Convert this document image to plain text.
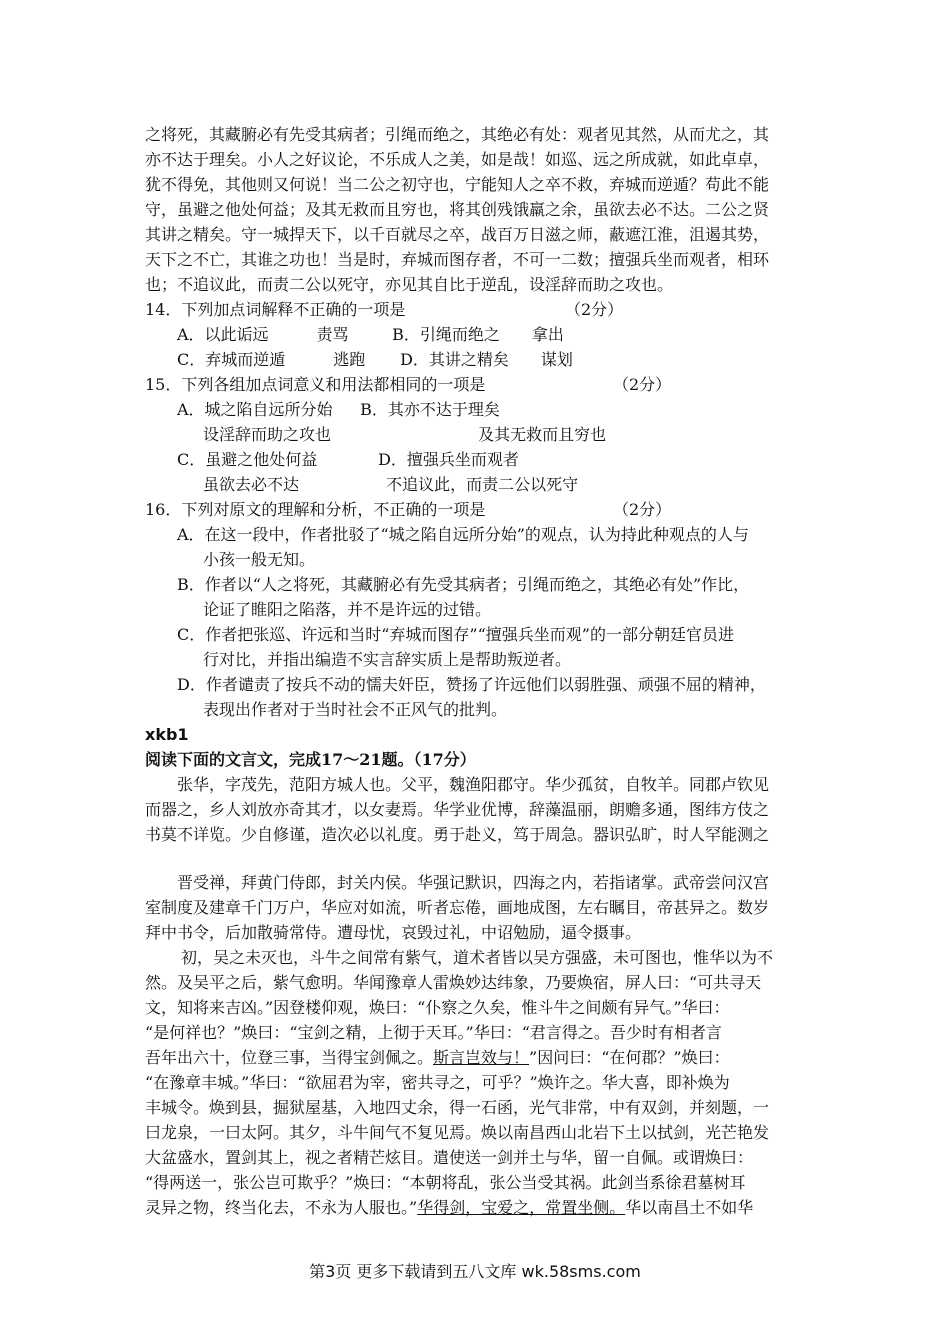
之将死，其藏腑必有先受其病者；引绳而绝之，其绝必有处：观者见其然，从而尤之，其
亦不达于理矣。小人之好议论，不乐成人之美，如是哉！如巡、远之所成就，如此卓卓，
犹不得免，其他则又何说！当二公之初守也，宁能知人之卒不救，弃城而逆遁？苟此不能
守，虽避之他处何益；及其无救而且穷也，将其创残饿羸之余，虽欲去必不达。二公之贤
其讲之精矣。守一城捍天下，以千百就尽之卒，战百万日滋之师，蔽遮江淮，沮遏其势，
天下之不亡，其谁之功也！当是时，弃城而图存者，不可一二数；擅强兵坐而观者，相环
也；不追议此，而责二公以死守，亦见其自比于逆乱，设淫辞而助之攻也。
14．下列加点词解释不正确的一项是	（2分）
A．以此诟远　　　责骂	B．引绳而绝之　　拿出
C．弃城而逆遁　　　逃跑 D．其讲之精矣　　谋划
15．下列各组加点词意义和用法都相同的一项是	（2分）
A．城之陷自远所分始 B．其亦不达于理矣
设淫辞而助之攻也	及其无救而且穷也
C．虽避之他处何益	D．擅强兵坐而观者
虽欲去必不达	不追议此，而责二公以死守
16．下列对原文的理解和分析，不正确的一项是	（2分）
A．在这一段中，作者批驳了“城之陷自远所分始”的观点，认为持此种观点的人与
小孩一般无知。
B．作者以“人之将死，其藏腑必有先受其病者；引绳而绝之，其绝必有处”作比，
论证了睢阳之陷落，并不是许远的过错。
C．作者把张巡、许远和当时“弃城而图存”“擅强兵坐而观”的一部分朝廷官员进
行对比，并指出编造不实言辞实质上是帮助叛逆者。
D．作者谴责了按兵不动的懦夫奸臣，赞扬了许远他们以弱胜强、顽强不屈的精神，
表现出作者对于当时社会不正风气的批判。
xkb1
阅读下面的文言文，完成17～21题。（17分）
张华，字茂先，范阳方城人也。父平，魏渔阳郡守。华少孤贫，自牧羊。同郡卢钦见
而器之，乡人刘放亦奇其才，以女妻焉。华学业优博，辞藻温丽，朗赡多通，图纬方伎之
书莫不详览。少自修谨，造次必以礼度。勇于赴义，笃于周急。器识弘旷，时人罕能测之
晋受禅，拜黄门侍郎，封关内侯。华强记默识，四海之内，若指诸掌。武帝尝问汉宫
室制度及建章千门万户，华应对如流，听者忘倦，画地成图，左右瞩目，帝甚异之。数岁
拜中书令，后加散骑常侍。遭母忧，哀毁过礼，中诏勉励，逼令摄事。
初，吴之未灭也，斗牛之间常有紫气，道术者皆以吴方强盛，未可图也，惟华以为不
然。及吴平之后，紫气愈明。华闻豫章人雷焕妙达纬象，乃要焕宿，屏人曰：“可共寻天
文，知将来吉凶。”因登楼仰观，焕曰：“仆察之久矣，惟斗牛之间颇有异气。”华曰：
“是何祥也？”焕曰：“宝剑之精，上彻于天耳。”华曰：“君言得之。吾少时有相者言
吾年出六十，位登三事，当得宝剑佩之。斯言岂效与！”因问曰：“在何郡？”焕曰：
“在豫章丰城。”华曰：“欲屈君为宰，密共寻之，可乎？”焕许之。华大喜，即补焕为
丰城令。焕到县，掘狱屋基，入地四丈余，得一石函，光气非常，中有双剑，并刻题，一
曰龙泉，一曰太阿。其夕，斗牛间气不复见焉。焕以南昌西山北岩下土以拭剑，光芒艳发
大盆盛水，置剑其上，视之者精芒炫目。遣使送一剑并土与华，留一自佩。或谓焕曰：
“得两送一，张公岂可欺乎？”焕曰：“本朝将乱，张公当受其祸。此剑当系徐君墓树耳
灵异之物，终当化去，不永为人服也。”华得剑，宝爱之，常置坐侧。华以南昌土不如华
第3页 更多下载请到五八文库 wk.58sms.com
